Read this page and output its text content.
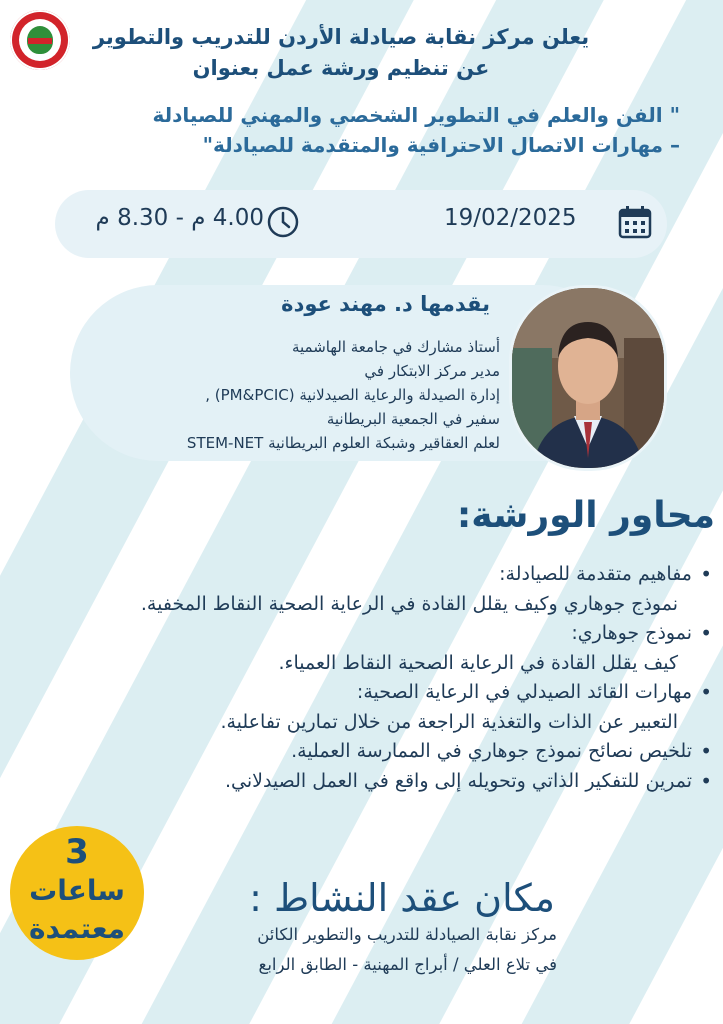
يعلن مركز نقابة صيادلة الأردن للتدريب والتطوير
عن تنظيم ورشة عمل بعنوان
" الفن والعلم في التطوير الشخصي والمهني للصيادلة
– مهارات الاتصال الاحترافية والمتقدمة للصيادلة"
19/02/2025
4.00 م - 8.30 م
يقدمها د. مهند عودة
أستاذ مشارك في جامعة الهاشمية
مدير مركز الابتكار في
إدارة الصيدلة والرعاية الصيدلانية (PM&PCIC) ,
سفير في الجمعية البريطانية
لعلم العقاقير وشبكة العلوم البريطانية STEM-NET
محاور الورشة:
• مفاهيم متقدمة للصيادلة:
نموذج جوهاري وكيف يقلل القادة في الرعاية الصحية النقاط المخفية.
• نموذج جوهاري:
كيف يقلل القادة في الرعاية الصحية النقاط العمياء.
• مهارات القائد الصيدلي في الرعاية الصحية:
التعبير عن الذات والتغذية الراجعة من خلال تمارين تفاعلية.
• تلخيص نصائح نموذج جوهاري في الممارسة العملية.
• تمرين للتفكير الذاتي وتحويله إلى واقع في العمل الصيدلاني.
3
ساعات
معتمدة
مكان عقد النشاط :
مركز نقابة الصيادلة للتدريب والتطوير الكائن
في تلاع العلي / أبراج المهنية - الطابق الرابع
